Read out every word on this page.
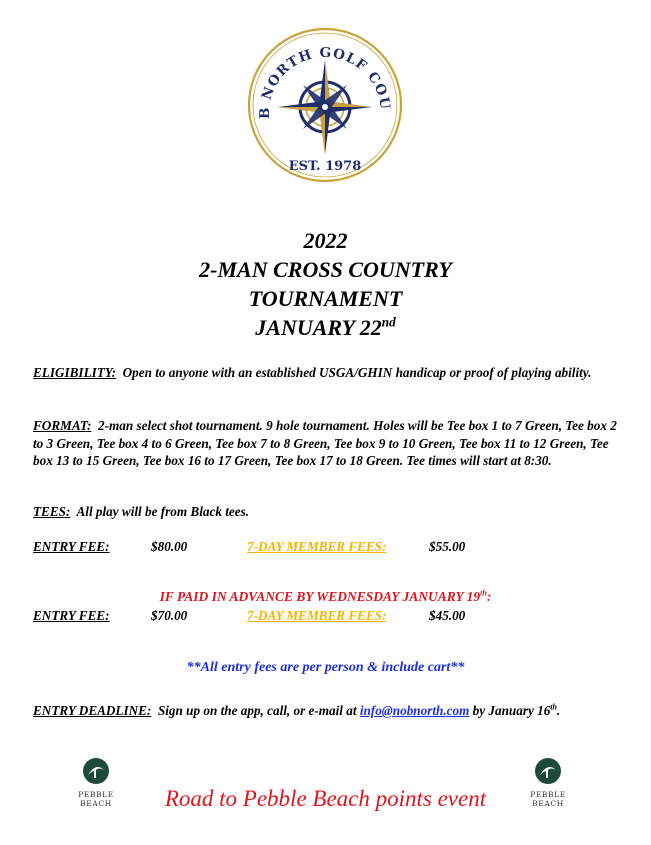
B NORTH GOLF COU
EST. 1978
2022
2-MAN CROSS COUNTRY
TOURNAMENT
JANUARY 22nd
ELIGIBILITY: Open to anyone with an established USGA/GHIN handicap or proof of playing ability.
FORMAT: 2-man select shot tournament. 9 hole tournament. Holes will be Tee box 1 to 7 Green, Tee box 2 to 3 Green, Tee box 4 to 6 Green, Tee box 7 to 8 Green, Tee box 9 to 10 Green, Tee box 11 to 12 Green, Tee box 13 to 15 Green, Tee box 16 to 17 Green, Tee box 17 to 18 Green. Tee times will start at 8:30.
TEES: All play will be from Black tees.
ENTRY FEE:	$80.00	7-DAY MEMBER FEES:	$55.00
IF PAID IN ADVANCE BY WEDNESDAY JANUARY 19th:
ENTRY FEE:	$70.00	7-DAY MEMBER FEES:	$45.00
**All entry fees are per person & include cart**
ENTRY DEADLINE: Sign up on the app, call, or e-mail at info@nobnorth.com by January 16th.
PEBBLE BEACH
PEBBLE BEACH
Road to Pebble Beach points event
